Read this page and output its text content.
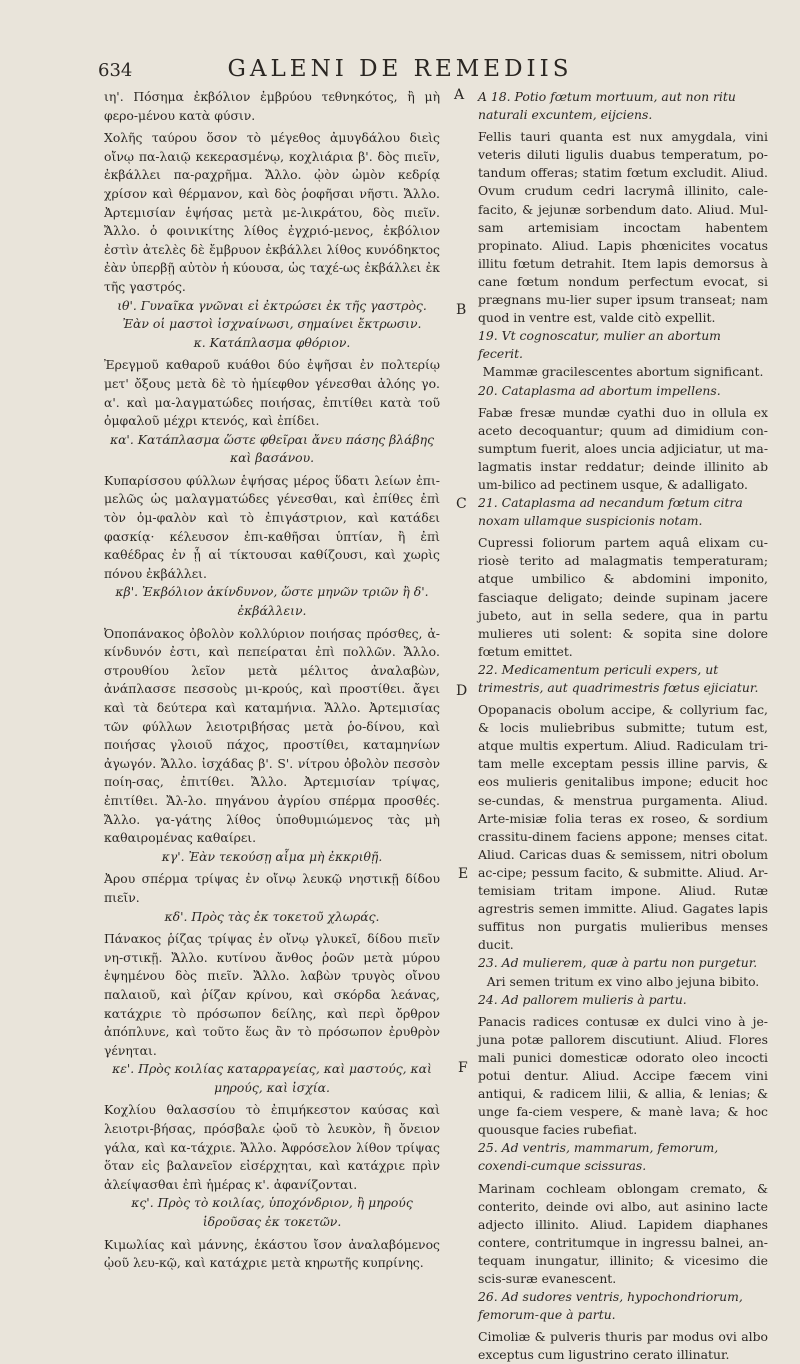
634	GALENI DE REMEDIIS

ιη'. Πόσημα ἐκβόλιον ἐμβρύου τεθνηκότος, ἢ μὴ φερο-μένου κατὰ φύσιν.

Χολῆς ταύρου ὅσον τὸ μέγεθος ἀμυγδάλου διεὶς οἴνῳ πα-λαιῷ κεκερασμένῳ, κοχλιάρια β'. δὸς πιεῖν, ἐκβάλλει πα-ραχρῆμα. Ἄλλο. ᾠὸν ὠμὸν κεδρίᾳ χρίσον καὶ θέρμανον, καὶ δὸς ῥοφῆσαι νῆστι. Ἄλλο. Ἀρτεμισίαν ἑψήσας μετὰ με-λικράτου, δὸς πιεῖν. Ἄλλο. ὁ φοινικίτης λίθος ἐγχριό-μενος, ἐκβόλιον ἐστὶν ἀτελὲς δὲ ἔμβρυον ἐκβάλλει λίθος κυνόδηκτος ἐὰν ὑπερβῇ αὐτὸν ἡ κύουσα, ὡς ταχέ-ως ἐκβάλλει ἐκ τῆς γαστρός.

ιθ'. Γυναῖκα γνῶναι εἰ ἐκτρώσει ἐκ τῆς γαστρὸς.

Ἐὰν οἱ μαστοὶ ἰσχναίνωσι, σημαίνει ἔκτρωσιν.

κ. Κατάπλασμα φθόριον.

Ἐρεγμοῦ καθαροῦ κυάθοι δύο ἐψῆσαι ἐν πολτερίῳ μετ' ὄξους μετὰ δὲ τὸ ἡμίεφθον γένεσθαι ἀλόης γο. α'. καὶ μα-λαγματώδες ποιήσας, ἐπιτίθει κατὰ τοῦ ὀμφαλοῦ μέχρι κτενός, καὶ ἐπίδει.

κα'. Κατάπλασμα ὥστε φθεῖραι ἄνευ πάσης βλάβης καὶ βασάνου.

Κυπαρίσσου φύλλων ἑψήσας μέρος ὕδατι λείων ἐπι-μελῶς ὡς μαλαγματώδες γένεσθαι, καὶ ἐπίθες ἐπὶ τὸν ὀμ-φαλὸν καὶ τὸ ἐπιγάστριον, καὶ κατάδει φασκίᾳ· κέλευσον ἐπι-καθῆσαι ὑπτίαν, ἢ ἐπὶ καθέδρας ἐν ᾗ αἱ τίκτουσαι καθίζουσι, καὶ χωρὶς πόνου ἐκβάλλει.

κβ'. Ἐκβόλιον ἀκίνδυνον, ὥστε μηνῶν τριῶν ἢ δ'. ἐκβάλλειν.

Ὀποπάνακος ὀβολὸν κολλύριον ποιήσας πρόσθες, ἀ-κίνδυνόν ἐστι, καὶ πεπείραται ἐπὶ πολλῶν. Ἄλλο. στρουθίου λεῖον μετὰ μέλιτος ἀναλαβὼν, ἀνάπλασσε πεσσοὺς μι-κρούς, καὶ προστίθει. ἄγει καὶ τὰ δεύτερα καὶ καταμήνια. Ἄλλο. Ἀρτεμισίας τῶν φύλλων λειοτριβήσας μετὰ ῥο-δίνου, καὶ ποιήσας γλοιοῦ πάχος, προστίθει, καταμηνίων ἀγωγόν. Ἄλλο. ἰσχάδας β'. S'. νίτρου ὀβολὸν πεσσὸν ποίη-σας, ἐπιτίθει. Ἄλλο. Ἀρτεμισίαν τρίψας, ἐπιτίθει. Ἄλ-λο. πηγάνου ἀγρίου σπέρμα προσθές. Ἄλλο. γα-γάτης λίθος ὑποθυμιώμενος τὰς μὴ καθαιρομένας καθαίρει.

κγ'. Ἐὰν τεκούσῃ αἷμα μὴ ἐκκριθῇ.

Ἀρου σπέρμα τρίψας ἐν οἴνῳ λευκῷ νηστικῇ δίδου πιεῖν.

κδ'. Πρὸς τὰς ἐκ τοκετοῦ χλωράς.

Πάνακος ῥίζας τρίψας ἐν οἴνῳ γλυκεῖ, δίδου πιεῖν νη-στικῇ. Ἄλλο. κυτίνου ἄνθος ῥοῶν μετὰ μύρου ἑψημένου δὸς πιεῖν. Ἄλλο. λαβὼν τρυγὸς οἴνου παλαιοῦ, καὶ ῥίζαν κρίνου, καὶ σκόρδα λεάνας, κατάχριε τὸ πρόσωπον δείλης, καὶ περὶ ὄρθρον ἀπόπλυνε, καὶ τοῦτο ἕως ἂν τὸ πρόσωπον ἐρυθρὸν γένηται.

κε'. Πρὸς κοιλίας καταρραγείας, καὶ μαστούς, καὶ μηρούς, καὶ ἰσχία.

Κοχλίου θαλασσίου τὸ ἐπιμήκεστον καύσας καὶ λειοτρι-βήσας, πρόσβαλε ᾠοῦ τὸ λευκὸν, ἢ ὄνειον γάλα, καὶ κα-τάχριε. Ἄλλο. Ἀφρόσελον λίθον τρίψας ὅταν εἰς βαλανεῖον εἰσέρχηται, καὶ κατάχριε πρὶν ἀλείψασθαι ἐπὶ ἡμέρας κ'. ἀφανίζονται.

κς'. Πρὸς τὸ κοιλίας, ὑποχόνδριον, ἢ μηρούς ἱδροῦσας ἐκ τοκετῶν.

Κιμωλίας καὶ μάννης, ἑκάστου ἴσον ἀναλαβόμενος ᾠοῦ λευ-κῷ, καὶ κατάχριε μετὰ κηρωτῆς κυπρίνης.

A 18. Potio fœtum mortuum, aut non ritu naturali excuntem, eijciens.

Fellis tauri quanta est nux amygdala, vini veteris diluti ligulis duabus temperatum, po-tandum offeras; statim fœtum excludit. Aliud. Ovum crudum cedri lacrymâ illinito, cale-facito, & jejunæ sorbendum dato. Aliud. Mul-sam artemisiam incoctam habentem propinato. Aliud. Lapis phœnicites vocatus illitu fœtum detrahit. Item lapis demorsus à cane fœtum nondum perfectum evocat, si prægnans mu-lier super ipsum transeat; nam quod in ventre est, valde citò expellit.

19. Vt cognoscatur, mulier an abortum fecerit.

Mammæ gracilescentes abortum significant.

20. Cataplasma ad abortum impellens.

Fabæ fresæ mundæ cyathi duo in ollula ex aceto decoquantur; quum ad dimidium con-sumptum fuerit, aloes uncia adjiciatur, ut ma-lagmatis instar reddatur; deinde illinito ab um-bilico ad pectinem usque, & adalligato.

21. Cataplasma ad necandum fœtum citra noxam ullamque suspicionis notam.

Cupressi foliorum partem aquâ elixam cu-riosè terito ad malagmatis temperaturam; atque umbilico & abdomini imponito, fasciaque deligato; deinde supinam jacere jubeto, aut in sella sedere, qua in partu mulieres uti solent: & sopita sine dolore fœtum emittet.

22. Medicamentum periculi expers, ut trimestris, aut quadrimestris fœtus ejiciatur.

Opopanacis obolum accipe, & collyrium fac, & locis muliebribus submitte; tutum est, atque multis expertum. Aliud. Radiculam tri-tam melle exceptam pessis illine parvis, & eos mulieris genitalibus impone; educit hoc se-cundas, & menstrua purgamenta. Aliud. Arte-misiæ folia teras ex roseo, & sordium crassitu-dinem faciens appone; menses citat. Aliud. Caricas duas & semissem, nitri obolum ac-cipe; pessum facito, & submitte. Aliud. Ar-temisiam tritam impone. Aliud. Rutæ agrestris semen immitte. Aliud. Gagates lapis suffitus non purgatis mulieribus menses ducit.

23. Ad mulierem, quæ à partu non purgetur.

Ari semen tritum ex vino albo jejuna bibito.

24. Ad pallorem mulieris à partu.

Panacis radices contusæ ex dulci vino à je-juna potæ pallorem discutiunt. Aliud. Flores mali punici domesticæ odorato oleo incocti potui dentur. Aliud. Accipe fæcem vini antiqui, & radicem lilii, & allia, & lenias; & unge fa-ciem vespere, & manè lava; & hoc quousque facies rubefiat.

25. Ad ventris, mammarum, femorum, coxendi-cumque scissuras.

Marinam cochleam oblongam cremato, & conterito, deinde ovi albo, aut asinino lacte adjecto illinito. Aliud. Lapidem diaphanes contere, contritumque in ingressu balnei, an-tequam inungatur, illinito; & vicesimo die scis-suræ evanescent.

26. Ad sudores ventris, hypochondriorum, femorum-que à partu.

Cimoliæ & pulveris thuris par modus ovi albo exceptus cum ligustrino cerato illinatur.

A
B
C
D
E
F
